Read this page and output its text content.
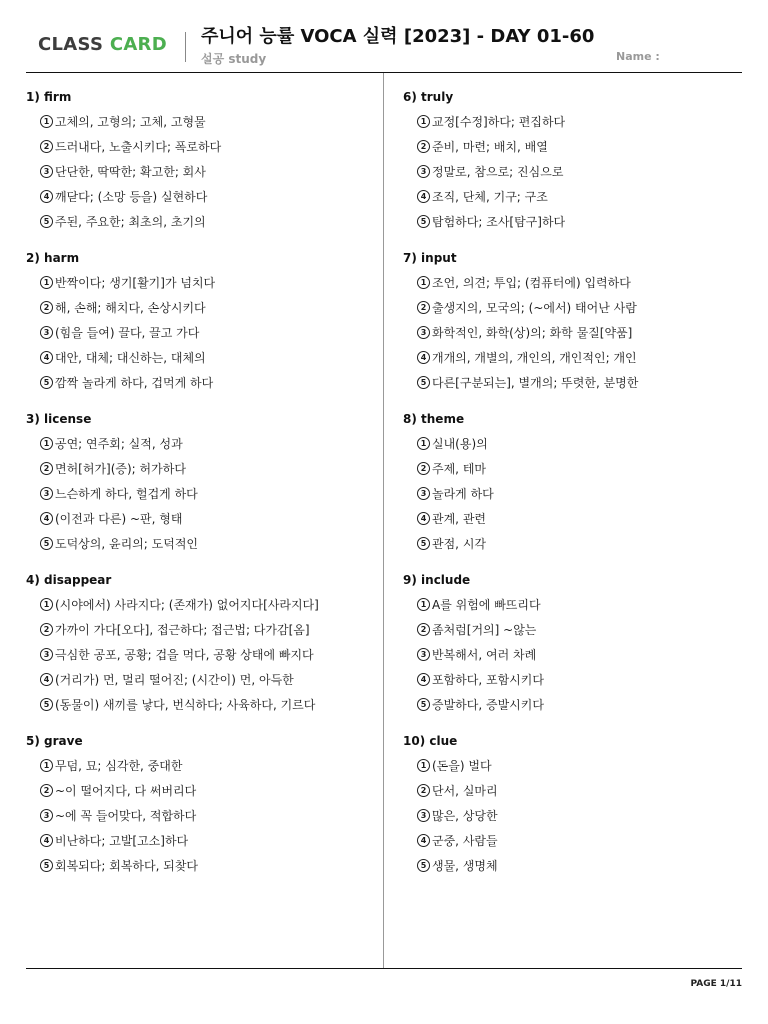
CLASS CARD 주니어 능률 VOCA 실력 [2023] - DAY 01-60
설공 study	Name :
1) firm
1 고체의, 고형의; 고체, 고형물
2 드러내다, 노출시키다; 폭로하다
3 단단한, 딱딱한; 확고한; 회사
4 깨닫다; (소망 등을) 실현하다
5 주된, 주요한; 최초의, 초기의
2) harm
1 반짝이다; 생기[활기]가 넘치다
2 해, 손해; 해치다, 손상시키다
3 (힘을 들여) 끌다, 끌고 가다
4 대안, 대체; 대신하는, 대체의
5 깜짝 놀라게 하다, 겁먹게 하다
3) license
1 공연; 연주회; 실적, 성과
2 면허[허가](증); 허가하다
3 느슨하게 하다, 헐겁게 하다
4 (이전과 다른) ~판, 형태
5 도덕상의, 윤리의; 도덕적인
4) disappear
1 (시야에서) 사라지다; (존재가) 없어지다[사라지다]
2 가까이 가다[오다], 접근하다; 접근법; 다가감[옴]
3 극심한 공포, 공황; 겁을 먹다, 공황 상태에 빠지다
4 (거리가) 먼, 멀리 떨어진; (시간이) 먼, 아득한
5 (동물이) 새끼를 낳다, 번식하다; 사육하다, 기르다
5) grave
1 무덤, 묘; 심각한, 중대한
2 ~이 떨어지다, 다 써버리다
3 ~에 꼭 들어맞다, 적합하다
4 비난하다; 고발[고소]하다
5 회복되다; 회복하다, 되찾다
6) truly
1 교정[수정]하다; 편집하다
2 준비, 마련; 배치, 배열
3 정말로, 참으로; 진심으로
4 조직, 단체, 기구; 구조
5 탐험하다; 조사[탐구]하다
7) input
1 조언, 의견; 투입; (컴퓨터에) 입력하다
2 출생지의, 모국의; (~에서) 태어난 사람
3 화학적인, 화학(상)의; 화학 물질[약품]
4 개개의, 개별의, 개인의, 개인적인; 개인
5 다른[구분되는], 별개의; 뚜렷한, 분명한
8) theme
1 실내(용)의
2 주제, 테마
3 놀라게 하다
4 관계, 관련
5 관점, 시각
9) include
1 A를 위험에 빠뜨리다
2 좀처럼[거의] ~않는
3 반복해서, 여러 차례
4 포함하다, 포함시키다
5 증발하다, 증발시키다
10) clue
1 (돈을) 벌다
2 단서, 실마리
3 많은, 상당한
4 군중, 사람들
5 생물, 생명체
PAGE 1/11
